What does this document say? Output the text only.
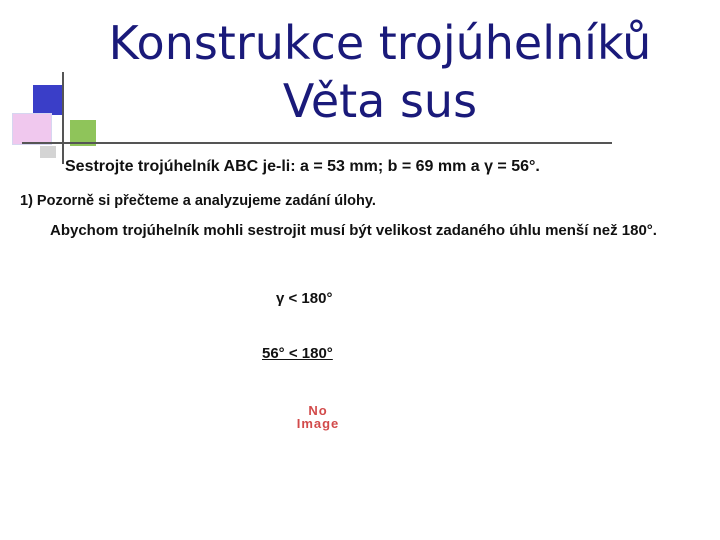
Konstrukce trojúhelníků
Věta sus
Sestrojte trojúhelník ABC je-li: a = 53 mm; b = 69 mm a γ = 56°.
1) Pozorně si přečteme a analyzujeme zadání úlohy.
Abychom trojúhelník mohli sestrojit musí být velikost zadaného úhlu menší než 180°.
γ < 180°
56° < 180°
No
Image
